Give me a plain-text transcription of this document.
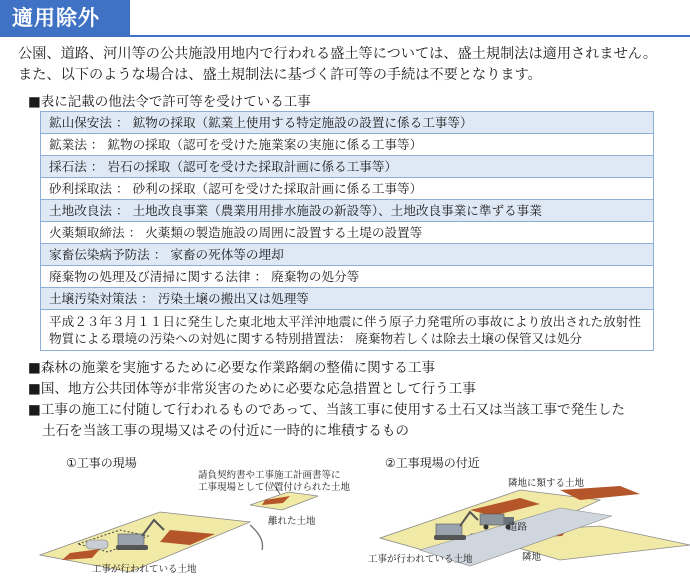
適用除外
公園、道路、河川等の公共施設用地内で行われる盛土等については、盛土規制法は適用されません。
また、以下のような場合は、盛土規制法に基づく許可等の手続は不要となります。
■表に記載の他法令で許可等を受けている工事
鉱山保安法 ： 鉱物の採取（鉱業上使用する特定施設の設置に係る工事等）
鉱業法 ： 鉱物の採取（認可を受けた施業案の実施に係る工事等）
採石法 ： 岩石の採取（認可を受けた採取計画に係る工事等）
砂利採取法 ： 砂利の採取（認可を受けた採取計画に係る工事等）
土地改良法 ： 土地改良事業（農業用用排水施設の新設等）、土地改良事業に準ずる事業
火薬類取締法 ： 火薬類の製造施設の周囲に設置する土堤の設置等
家畜伝染病予防法 ： 家畜の死体等の埋却
廃棄物の処理及び清掃に関する法律 ： 廃棄物の処分等
土壌汚染対策法 ： 汚染土壌の搬出又は処理等
平成２３年３月１１日に発生した東北地太平洋沖地震に伴う原子力発電所の事故により放出された放射性物質による環境の汚染への対処に関する特別措置法： 廃棄物若しくは除去土壌の保管又は処分
■森林の施業を実施するために必要な作業路網の整備に関する工事
■国、地方公共団体等が非常災害のために必要な応急措置として行う工事
■工事の施工に付随して行われるものであって、当該工事に使用する土石又は当該工事で発生した
土石を当該工事の現場又はその付近に一時的に堆積するもの
①工事の現場
請負契約書や工事施工計画書等に
工事現場として位置付けられた土地
離れた土地
工事が行われている土地
②工事現場の付近
隣地に類する土地
道路
隣地
工事が行われている土地
